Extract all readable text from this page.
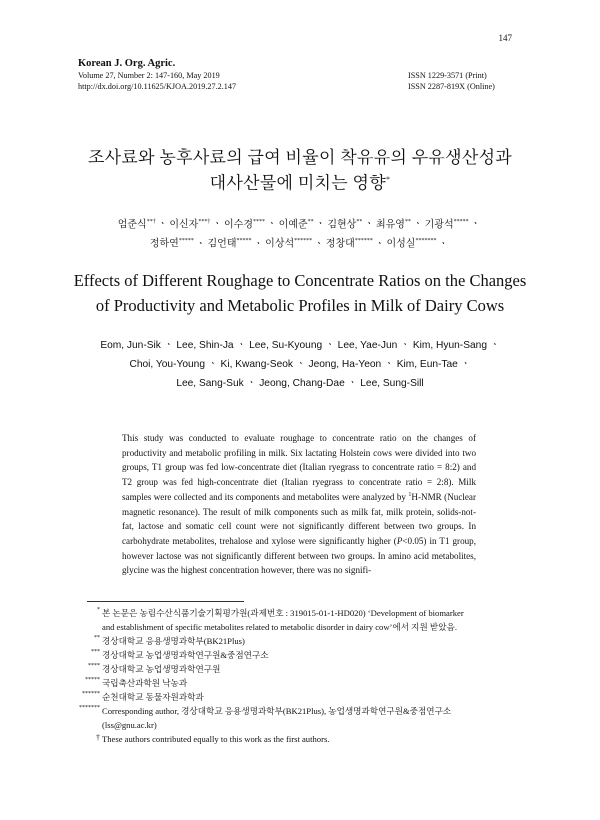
147
Korean J. Org. Agric.
Volume 27, Number 2: 147-160, May 2019	ISSN 1229-3571 (Print)
http://dx.doi.org/10.11625/KJOA.2019.27.2.147	ISSN 2287-819X (Online)
조사료와 농후사료의 급여 비율이 착유유의 우유생산성과
대사산물에 미치는 영향*
엄준식**† ㆍ 이신자***† ㆍ 이수경**** ㆍ 이예준** ㆍ 김현상** ㆍ 최유영** ㆍ 기광석***** ㆍ
정하연***** ㆍ 김언태***** ㆍ 이상석****** ㆍ 정창대****** ㆍ 이성실******* ㆍ
Effects of Different Roughage to Concentrate Ratios on the Changes
of Productivity and Metabolic Profiles in Milk of Dairy Cows
Eom, Jun-Sik ㆍ Lee, Shin-Ja ㆍ Lee, Su-Kyoung ㆍ Lee, Yae-Jun ㆍ Kim, Hyun-Sang ㆍ
Choi, You-Young ㆍ Ki, Kwang-Seok ㆍ Jeong, Ha-Yeon ㆍ Kim, Eun-Tae ㆍ
Lee, Sang-Suk ㆍ Jeong, Chang-Dae ㆍ Lee, Sung-Sill
This study was conducted to evaluate roughage to concentrate ratio on the changes of productivity and metabolic profiling in milk. Six lactating Holstein cows were divided into two groups, T1 group was fed low-concentrate diet (Italian ryegrass to concentrate ratio = 8:2) and T2 group was fed high-concentrate diet (Italian ryegrass to concentrate ratio = 2:8). Milk samples were collected and its components and metabolites were analyzed by $^1$H-NMR (Nuclear magnetic resonance). The result of milk components such as milk fat, milk protein, solids-not-fat, lactose and somatic cell count were not significantly different between two groups. In carbohydrate metabolites, trehalose and xylose were significantly higher (P<0.05) in T1 group, however lactose was not significantly different between two groups. In amino acid metabolites, glycine was the highest concentration however, there was no signifi-
* 본 논문은 농림수산식품기술기획평가원(과제번호 : 319015-01-1-HD020) ‘Development of biomarker
and establishment of specific metabolites related to metabolic disorder in dairy cow’에서 지원 받았음.
** 경상대학교 응용생명과학부(BK21Plus)
*** 경상대학교 농업생명과학연구원&중점연구소
**** 경상대학교 농업생명과학연구원
***** 국립축산과학원 낙농과
****** 순천대학교 동물자원과학과
******* Corresponding author, 경상대학교 응용생명과학부(BK21Plus), 농업생명과학연구원&중점연구소
(lss@gnu.ac.kr)
† These authors contributed equally to this work as the first authors.
